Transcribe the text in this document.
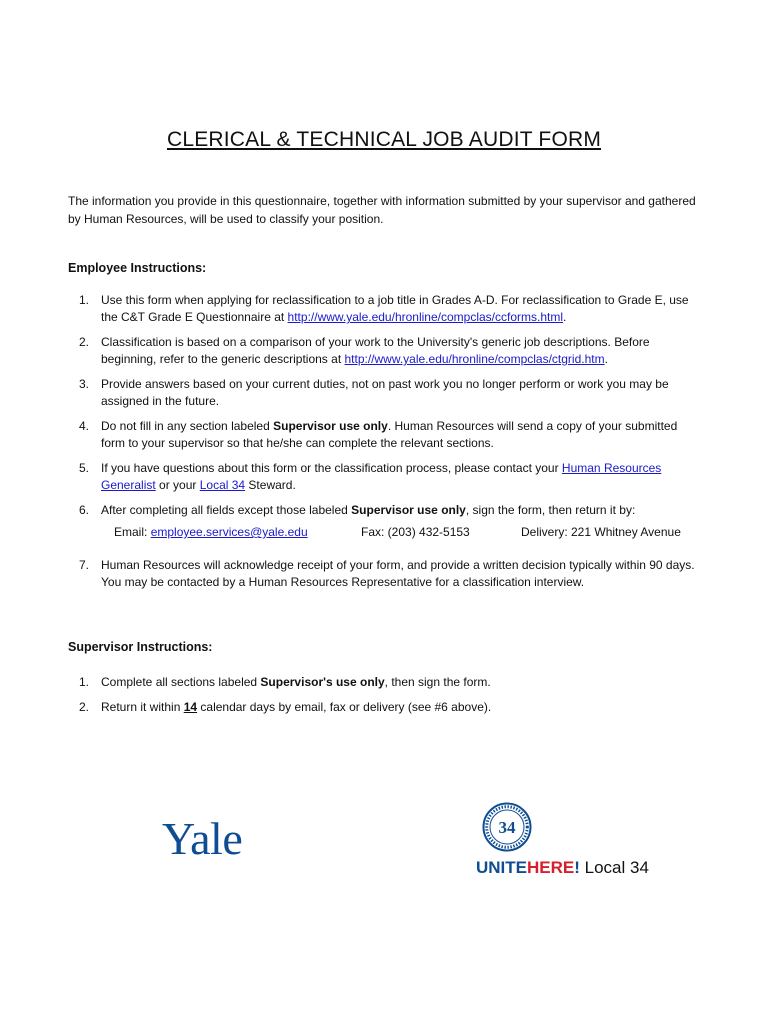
CLERICAL & TECHNICAL JOB AUDIT FORM
The information you provide in this questionnaire, together with information submitted by your supervisor and gathered by Human Resources, will be used to classify your position.
Employee Instructions:
1. Use this form when applying for reclassification to a job title in Grades A-D. For reclassification to Grade E, use the C&T Grade E Questionnaire at http://www.yale.edu/hronline/compclas/ccforms.html.
2. Classification is based on a comparison of your work to the University's generic job descriptions. Before beginning, refer to the generic descriptions at http://www.yale.edu/hronline/compclas/ctgrid.htm.
3. Provide answers based on your current duties, not on past work you no longer perform or work you may be assigned in the future.
4. Do not fill in any section labeled Supervisor use only. Human Resources will send a copy of your submitted form to your supervisor so that he/she can complete the relevant sections.
5. If you have questions about this form or the classification process, please contact your Human Resources Generalist or your Local 34 Steward.
6. After completing all fields except those labeled Supervisor use only, sign the form, then return it by:
Email: employee.services@yale.edu	Fax: (203) 432-5153	Delivery: 221 Whitney Avenue
7. Human Resources will acknowledge receipt of your form, and provide a written decision typically within 90 days. You may be contacted by a Human Resources Representative for a classification interview.
Supervisor Instructions:
1. Complete all sections labeled Supervisor's use only, then sign the form.
2. Return it within 14 calendar days by email, fax or delivery (see #6 above).
Yale	34
UNITEHERE! Local 34
